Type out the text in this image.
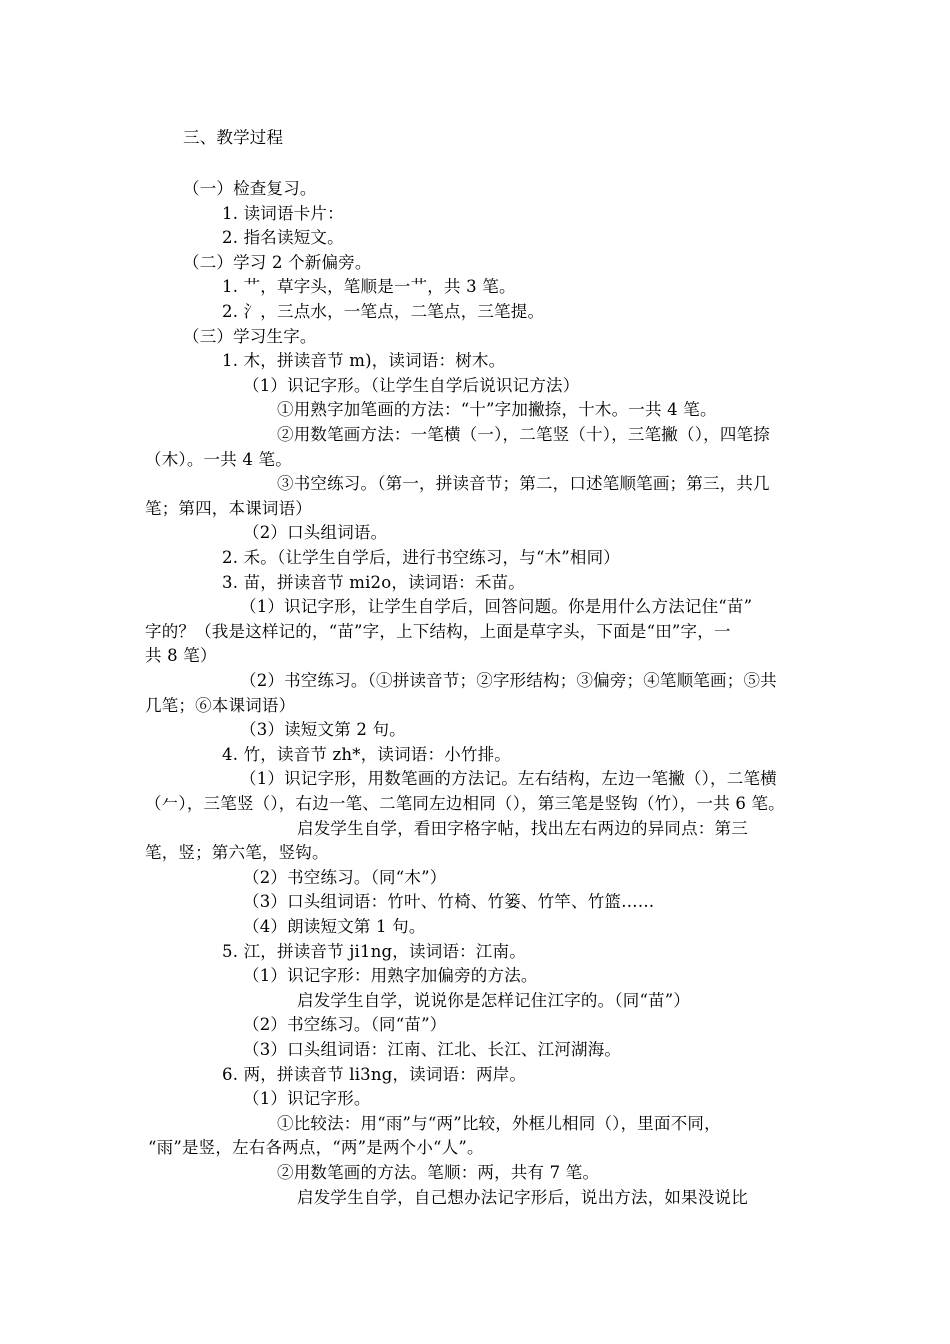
三、教学过程
（一）检查复习。
1. 读词语卡片：
2. 指名读短文。
（二）学习 2 个新偏旁。
1. 艹，草字头，笔顺是一艹，共 3 笔。
2. 氵，三点水，一笔点，二笔点，三笔提。
（三）学习生字。
1. 木，拼读音节 m)，读词语：树木。
（1）识记字形。（让学生自学后说识记方法）
①用熟字加笔画的方法：“十”字加撇捺，十木。一共 4 笔。
②用数笔画方法：一笔横（一），二笔竖（十），三笔撇（），四笔捺
（木）。一共 4 笔。
③书空练习。（第一，拼读音节；第二，口述笔顺笔画；第三，共几
笔；第四，本课词语）
（2）口头组词语。
2. 禾。（让学生自学后，进行书空练习，与“木”相同）
3. 苗，拼读音节 mi2o，读词语：禾苗。
（1）识记字形，让学生自学后，回答问题。你是用什么方法记住“苗”
字的？（我是这样记的，“苗”字，上下结构，上面是草字头，下面是“田”字，一
共 8 笔）
（2）书空练习。（①拼读音节；②字形结构；③偏旁；④笔顺笔画；⑤共
几笔；⑥本课词语）
（3）读短文第 2 句。
4. 竹，读音节 zh*，读词语：小竹排。
（1）识记字形，用数笔画的方法记。左右结构，左边一笔撇（），二笔横
（𠂉），三笔竖（），右边一笔、二笔同左边相同（），第三笔是竖钩（竹），一共 6 笔。
启发学生自学，看田字格字帖，找出左右两边的异同点：第三
笔，竖；第六笔，竖钩。
（2）书空练习。（同“木”）
（3）口头组词语：竹叶、竹椅、竹篓、竹竿、竹篮……
（4）朗读短文第 1 句。
5. 江，拼读音节 ji1ng，读词语：江南。
（1）识记字形：用熟字加偏旁的方法。
启发学生自学，说说你是怎样记住江字的。（同“苗”）
（2）书空练习。（同“苗”）
（3）口头组词语：江南、江北、长江、江河湖海。
6. 两，拼读音节 li3ng，读词语：两岸。
（1）识记字形。
①比较法：用“雨”与“两”比较，外框儿相同（），里面不同，
“雨”是竖，左右各两点，“两”是两个小“人”。
②用数笔画的方法。笔顺：两，共有 7 笔。
启发学生自学，自己想办法记字形后，说出方法，如果没说比
